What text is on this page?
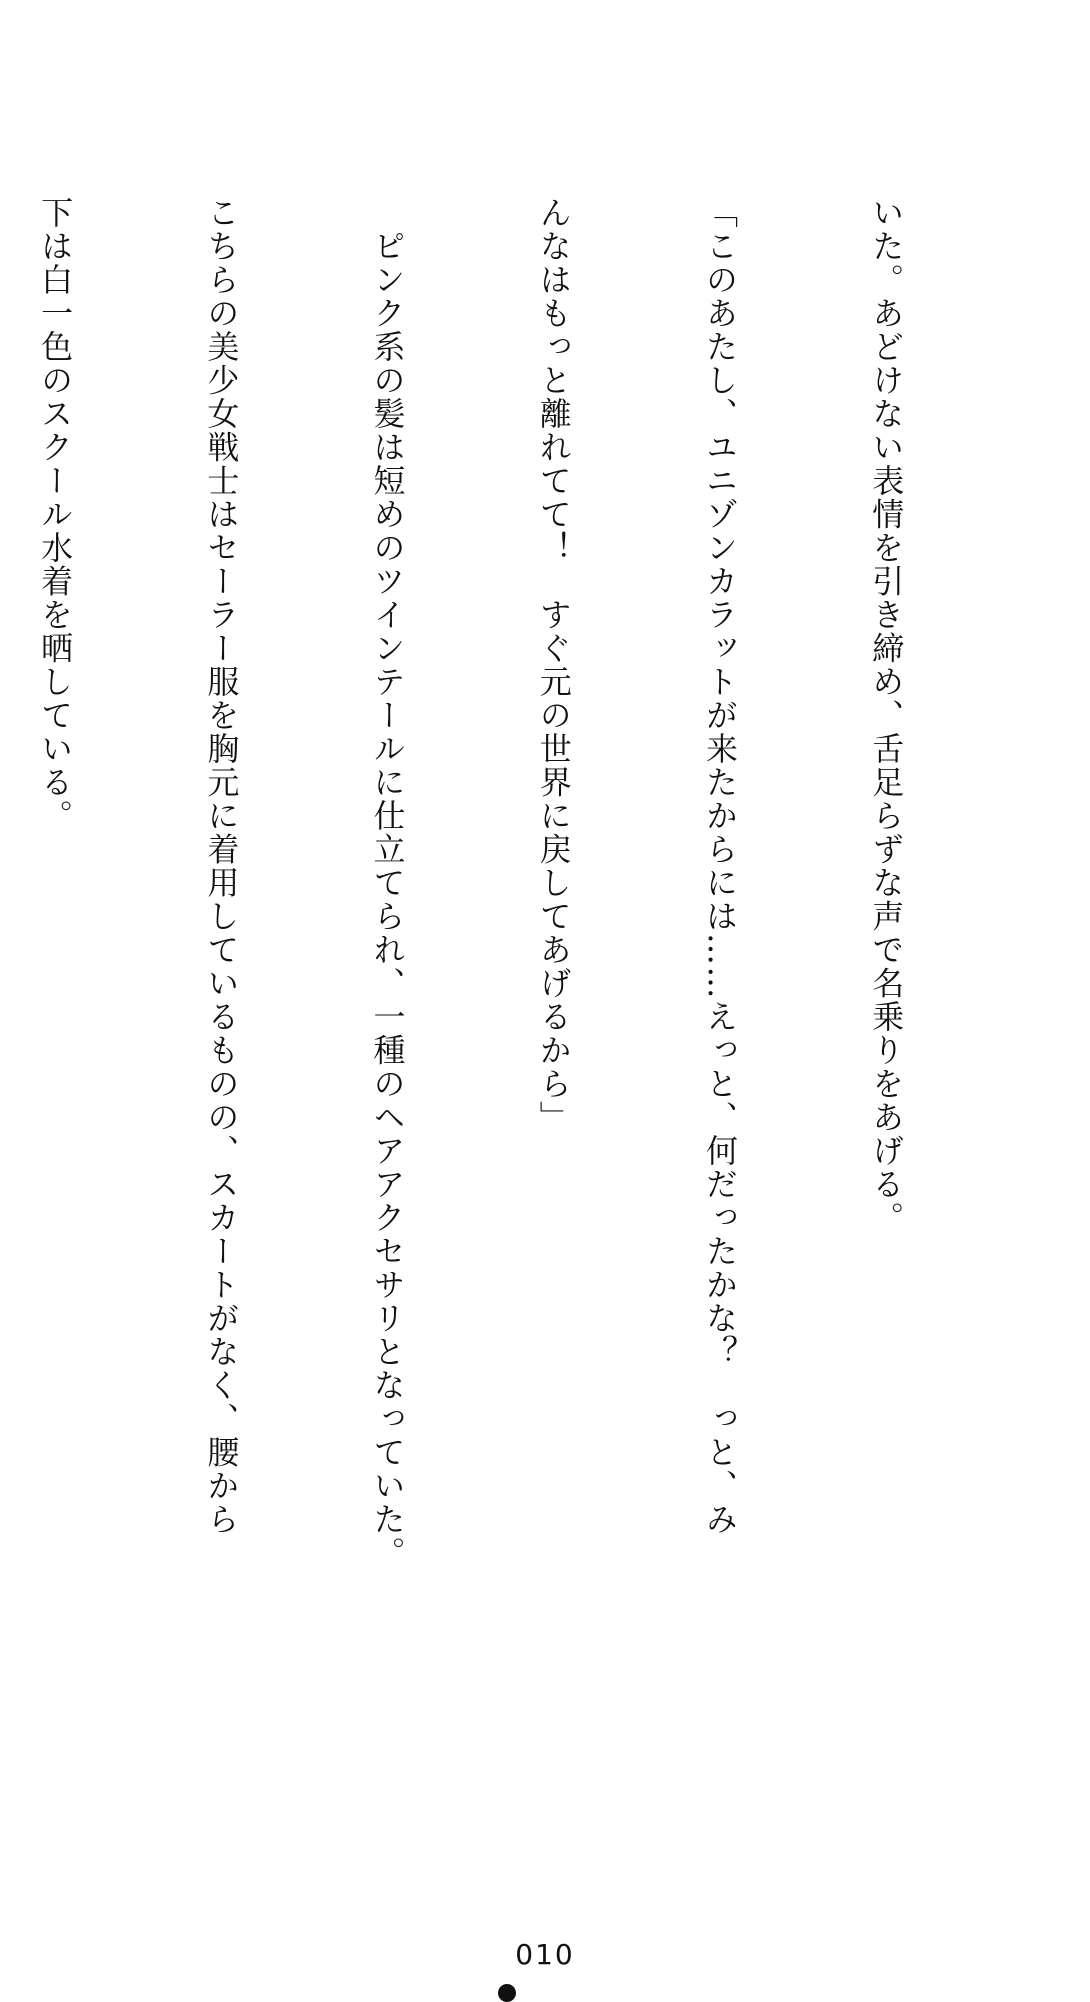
いた。あどけない表情を引き締め、舌足らずな声で名乗りをあげる。

「このあたし、ユニゾンカラットが来たからには……えっと、何だったかな？　っと、み

んなはもっと離れてて！　すぐ元の世界に戻してあげるから」

　ピンク系の髪は短めのツインテールに仕立てられ、一種のヘアアクセサリとなっていた。

こちらの美少女戦士はセーラー服を胸元に着用しているものの、スカートがなく、腰から

下は白一色のスクール水着を晒している。

010
